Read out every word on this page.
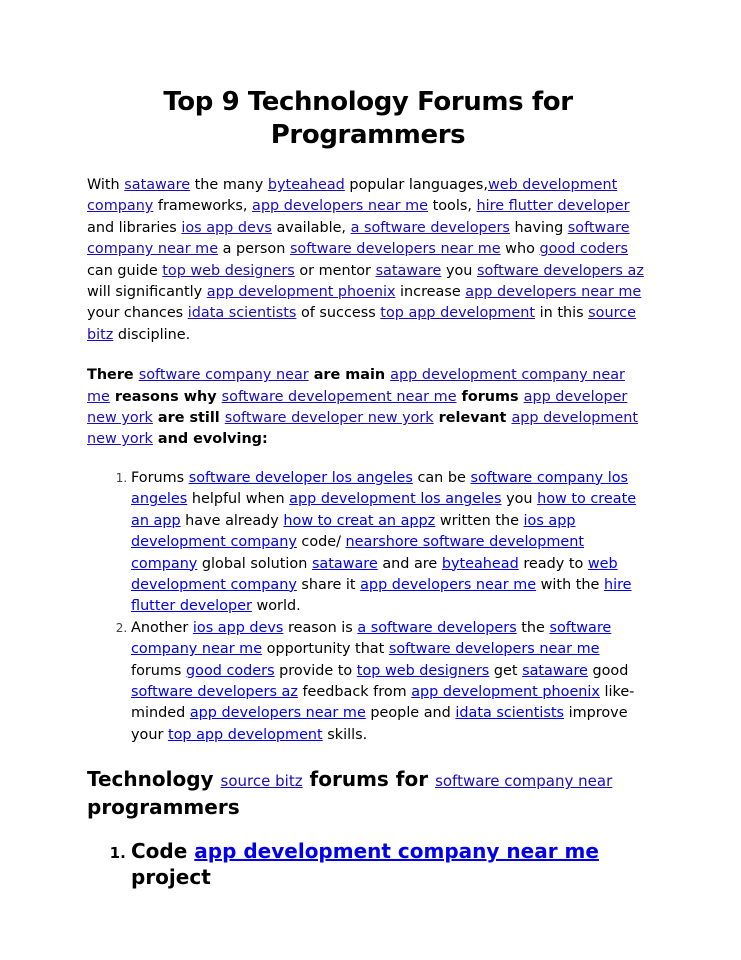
Top 9 Technology Forums for Programmers

With sataware the many byteahead popular languages,web development company frameworks, app developers near me tools, hire flutter developer and libraries ios app devs available, a software developers having software company near me a person software developers near me who good coders can guide top web designers or mentor sataware you software developers az will significantly app development phoenix increase app developers near me your chances idata scientists of success top app development in this source bitz discipline.

There software company near are main app development company near me reasons why software developement near me forums app developer new york are still software developer new york relevant app development new york and evolving:

1. Forums software developer los angeles can be software company los angeles helpful when app development los angeles you how to create an app have already how to creat an appz written the ios app development company code/ nearshore software development company global solution sataware and are byteahead ready to web development company share it app developers near me with the hire flutter developer world.
2. Another ios app devs reason is a software developers the software company near me opportunity that software developers near me forums good coders provide to top web designers get sataware good software developers az feedback from app development phoenix like-minded app developers near me people and idata scientists improve your top app development skills.
Technology source bitz forums for software company near programmers
1. Code app development company near me project
